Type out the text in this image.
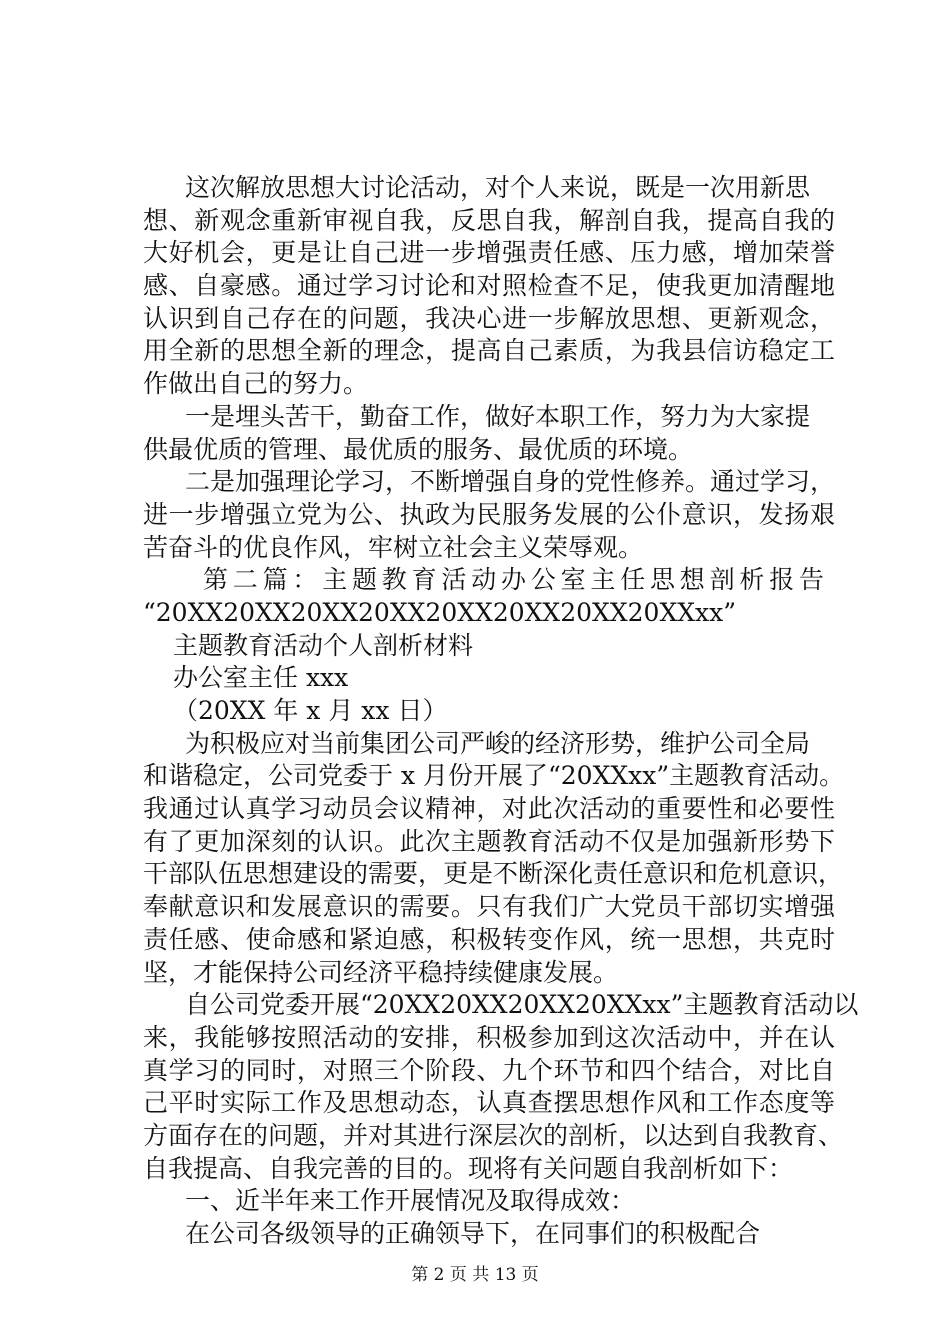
这次解放思想大讨论活动，对个人来说，既是一次用新思
想、新观念重新审视自我，反思自我，解剖自我，提高自我的
大好机会，更是让自己进一步增强责任感、压力感，增加荣誉
感、自豪感。通过学习讨论和对照检查不足，使我更加清醒地
认识到自己存在的问题，我决心进一步解放思想、更新观念，
用全新的思想全新的理念，提高自己素质，为我县信访稳定工
作做出自己的努力。
一是埋头苦干，勤奋工作，做好本职工作，努力为大家提
供最优质的管理、最优质的服务、最优质的环境。
二是加强理论学习，不断增强自身的党性修养。通过学习，
进一步增强立党为公、执政为民服务发展的公仆意识，发扬艰
苦奋斗的优良作风，牢树立社会主义荣辱观。
第二篇：主题教育活动办公室主任思想剖析报告
“20XX20XX20XX20XX20XX20XX20XX20XXxx”
主题教育活动个人剖析材料
办公室主任 xxx
（20XX 年 x 月 xx 日）
为积极应对当前集团公司严峻的经济形势，维护公司全局
和谐稳定，公司党委于 x 月份开展了“20XXxx”主题教育活动。
我通过认真学习动员会议精神，对此次活动的重要性和必要性
有了更加深刻的认识。此次主题教育活动不仅是加强新形势下
干部队伍思想建设的需要，更是不断深化责任意识和危机意识，
奉献意识和发展意识的需要。只有我们广大党员干部切实增强
责任感、使命感和紧迫感，积极转变作风，统一思想，共克时
坚，才能保持公司经济平稳持续健康发展。
自公司党委开展“20XX20XX20XX20XXxx”主题教育活动以
来，我能够按照活动的安排，积极参加到这次活动中，并在认
真学习的同时，对照三个阶段、九个环节和四个结合，对比自
己平时实际工作及思想动态，认真查摆思想作风和工作态度等
方面存在的问题，并对其进行深层次的剖析，以达到自我教育、
自我提高、自我完善的目的。现将有关问题自我剖析如下：
一、近半年来工作开展情况及取得成效：
在公司各级领导的正确领导下，在同事们的积极配合
第 2 页 共 13 页
